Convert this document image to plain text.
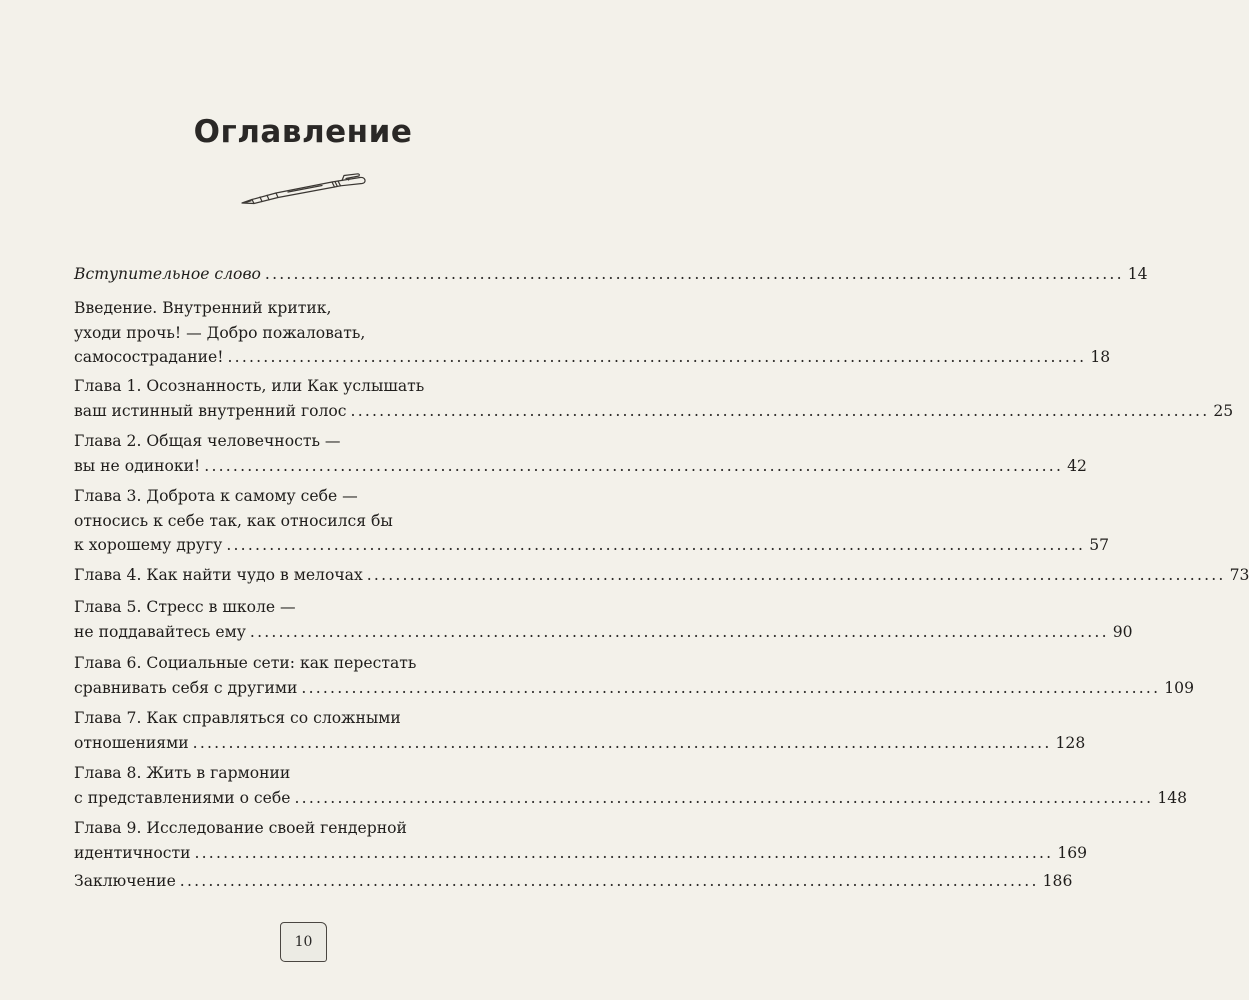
Оглавление
Вступительное слово ........................................................................................................................ 14
Введение. Внутренний критик,
уходи прочь! — Добро пожаловать,
самосострадание! ........................................................................................................................ 18
Глава 1. Осознанность, или Как услышать
ваш истинный внутренний голос ........................................................................................................................ 25
Глава 2. Общая человечность —
вы не одиноки! ........................................................................................................................ 42
Глава 3. Доброта к самому себе —
относись к себе так, как относился бы
к хорошему другу ........................................................................................................................ 57
Глава 4. Как найти чудо в мелочах ........................................................................................................................ 73
Глава 5. Стресс в школе —
не поддавайтесь ему ........................................................................................................................ 90
Глава 6. Социальные сети: как перестать
сравнивать себя с другими ........................................................................................................................ 109
Глава 7. Как справляться со сложными
отношениями ........................................................................................................................ 128
Глава 8. Жить в гармонии
с представлениями о себе ........................................................................................................................ 148
Глава 9. Исследование своей гендерной
идентичности ........................................................................................................................ 169
Заключение ........................................................................................................................ 186
10
